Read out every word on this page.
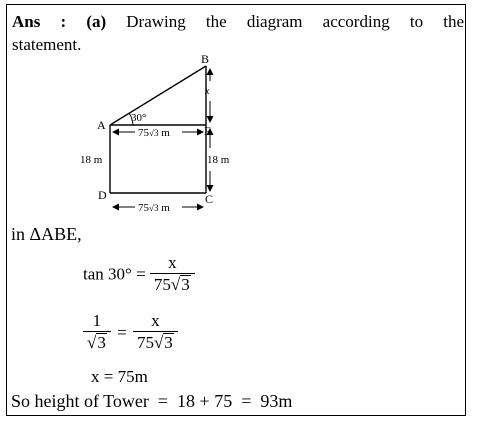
Ans : (a) Drawing the diagram according to the
statement.
A
B
E
D	C
30°
75√3 m
75√3 m
18 m	18 m
x
in ΔABE,
$\tan 30^\circ = \frac{x}{75√3}$
$\frac{1}{√3} = \frac{x}{75√3}$
x = 75m
So height of Tower  =  18 + 75  =  93m
